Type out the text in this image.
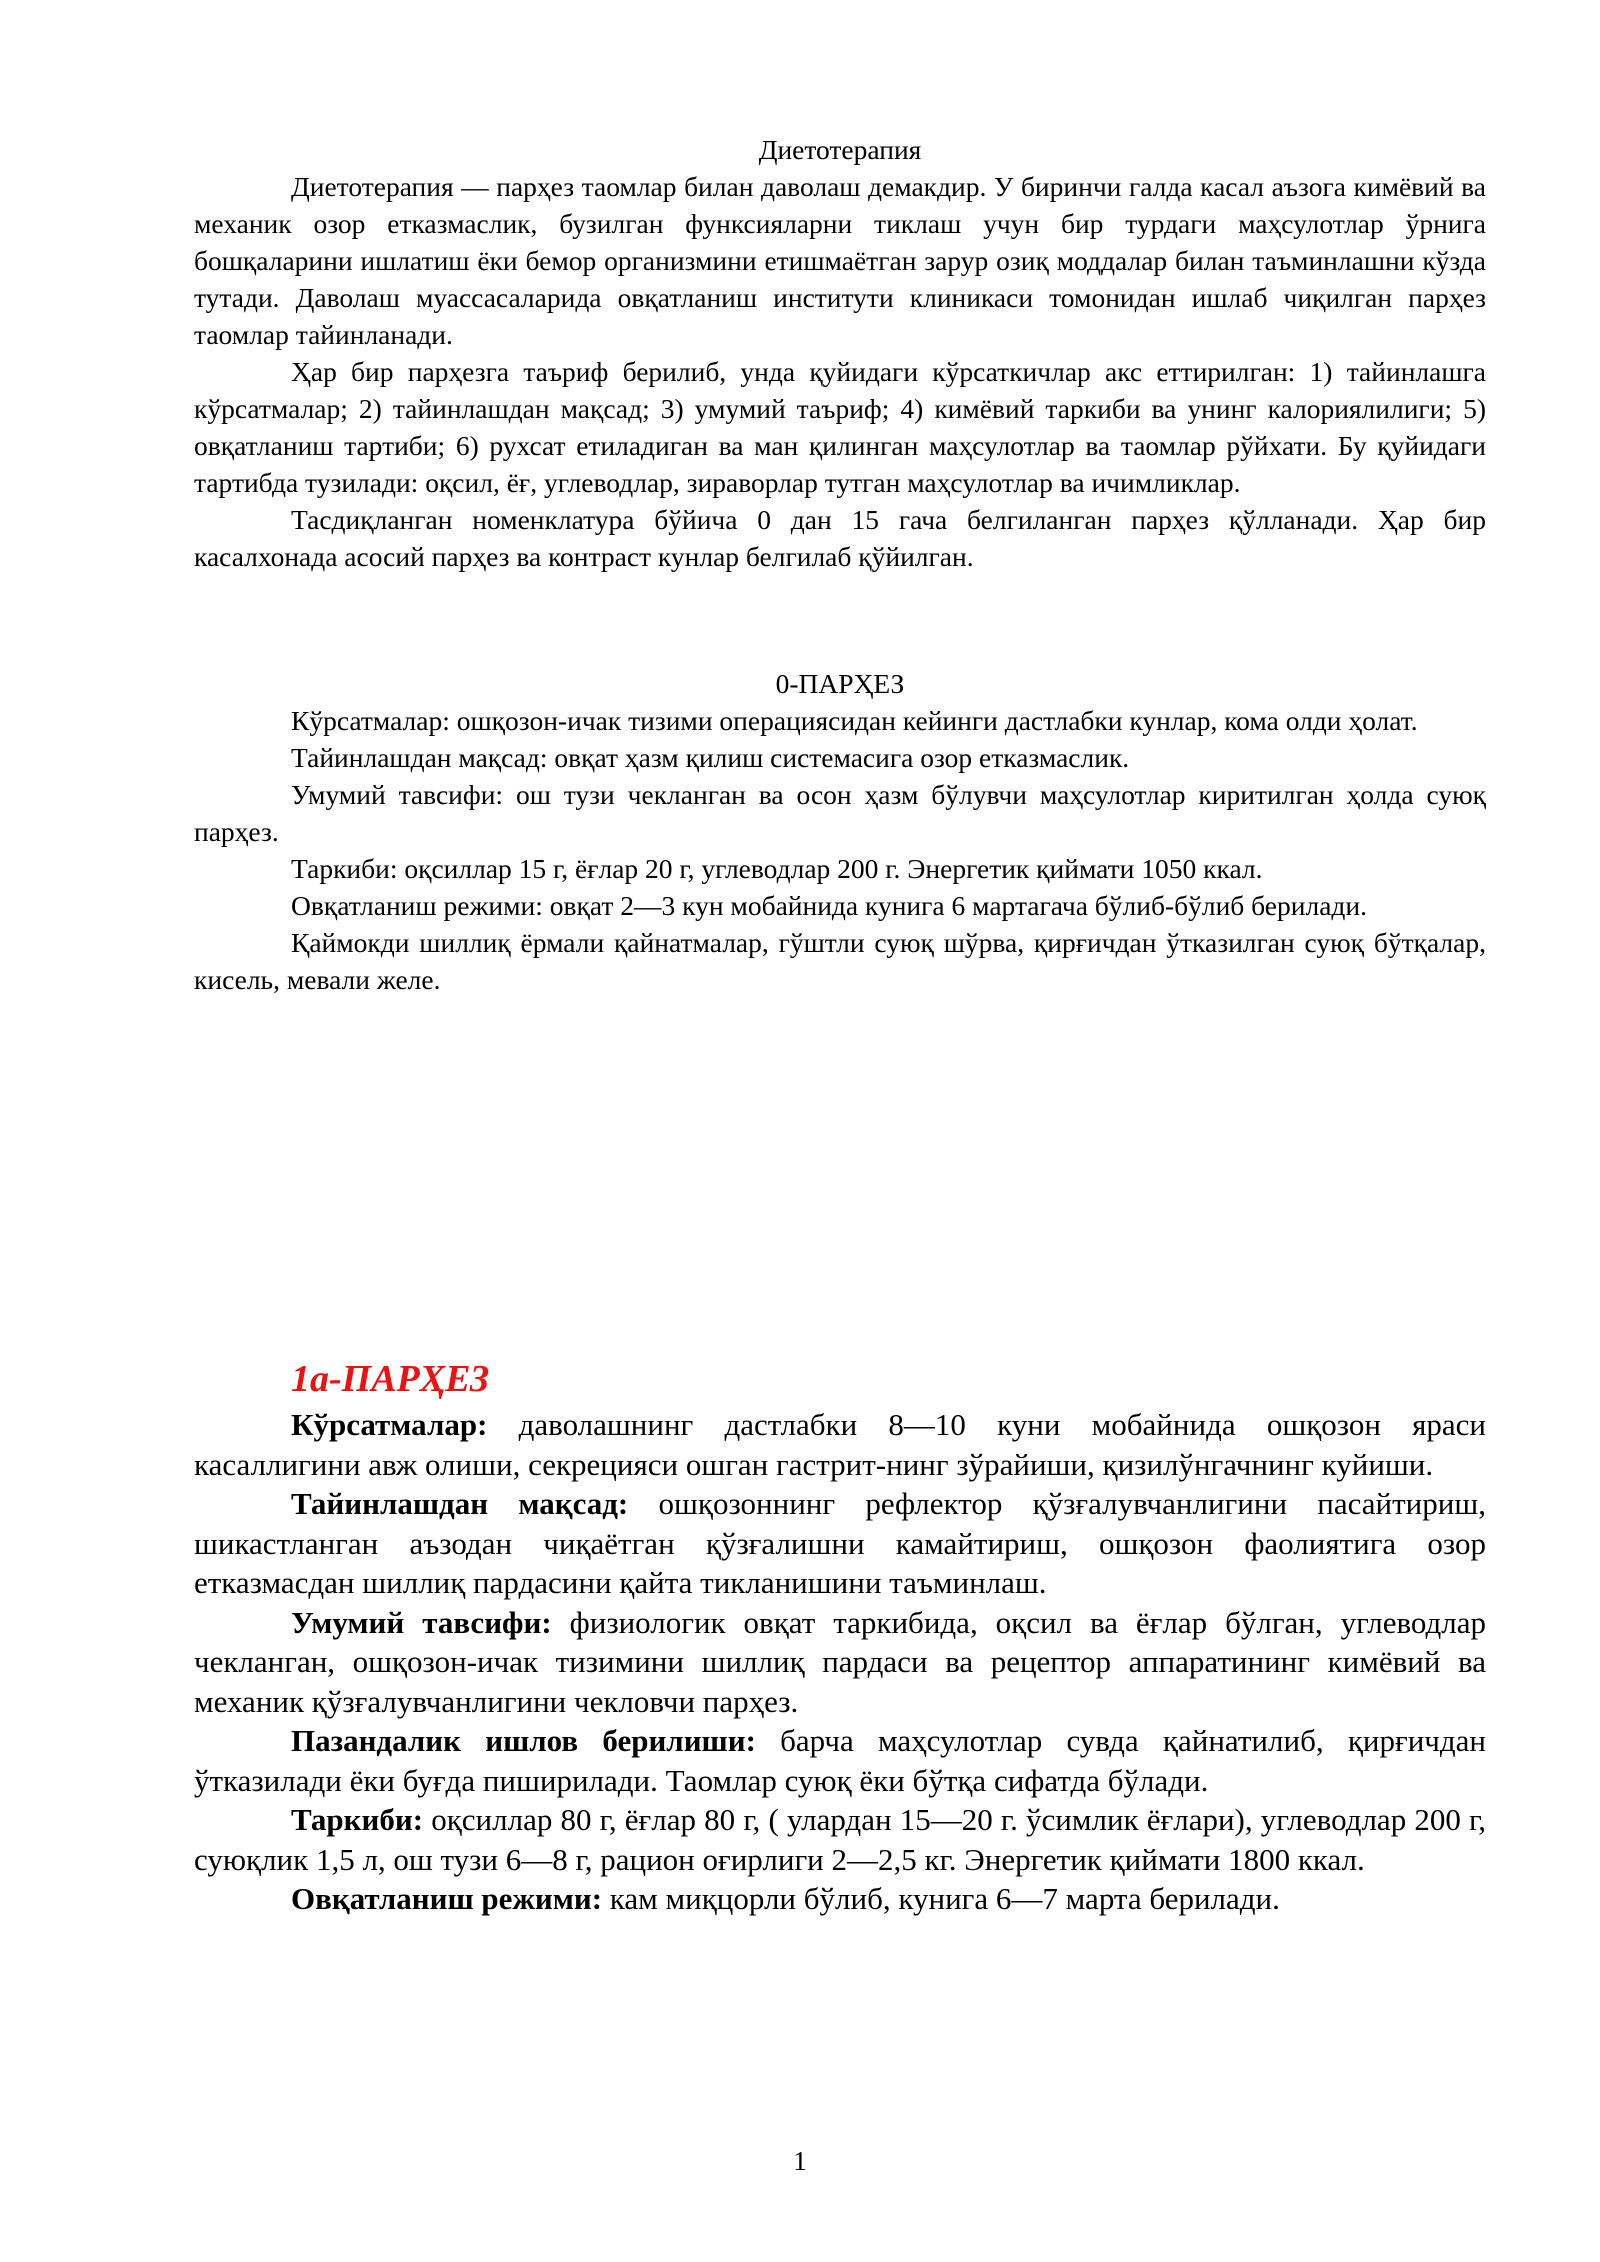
Диетотерапия

Диетотерапия — парҳез таомлар билан даволаш демакдир. У биринчи галда касал аъзога кимёвий ва механик озор етказмаслик, бузилган функсияларни тиклаш учун бир турдаги маҳсулотлар ўрнига бошқаларини ишлатиш ёки бемор организмини етишмаётган зарур озиқ моддалар билан таъминлашни кўзда тутади. Даволаш муассасаларида овқатланиш институти клиникаси томонидан ишлаб чиқилган парҳез таомлар тайинланади.

Ҳар бир парҳезга таъриф берилиб, унда қуйидаги кўрсаткичлар акс еттирилган: 1) тайинлашга кўрсатмалар; 2) тайинлашдан мақсад; 3) умумий таъриф; 4) кимёвий таркиби ва унинг калориялилиги; 5) овқатланиш тартиби; 6) рухсат етиладиган ва ман қилинган маҳсулотлар ва таомлар рўйхати. Бу қуйидаги тартибда тузилади: оқсил, ёғ, углеводлар, зираворлар тутган маҳсулотлар ва ичимликлар.

Тасдиқланган номенклатура бўйича 0 дан 15 гача белгиланган парҳез қўлланади. Ҳар бир касалхонада асосий парҳез ва контраст кунлар белгилаб қўйилган.

0-ПАРҲЕЗ

Кўрсатмалар: ошқозон-ичак тизими операциясидан кейинги дастлабки кунлар, кома олди ҳолат.

Тайинлашдан мақсад: овқат ҳазм қилиш системасига озор етказмаслик.

Умумий тавсифи: ош тузи чекланган ва осон ҳазм бўлувчи маҳсулотлар киритилган ҳолда суюқ парҳез.

Таркиби: оқсиллар 15 г, ёғлар 20 г, углеводлар 200 г. Энергетик қиймати 1050 ккал.

Овқатланиш режими: овқат 2—3 кун мобайнида кунига 6 мартагача бўлиб-бўлиб берилади.

Қаймокди шиллиқ ёрмали қайнатмалар, гўштли суюқ шўрва, қирғичдан ўтказилган суюқ бўтқалар, кисель, мевали желе.

1а-ПАРҲЕЗ

Кўрсатмалар: даволашнинг дастлабки 8—10 куни мобайнида ошқозон яраси касаллигини авж олиши, секрецияси ошган гастрит-нинг зўрайиши, қизилўнгачнинг куйиши.

Тайинлашдан мақсад: ошқозоннинг рефлектор қўзғалувчанлигини пасайтириш, шикастланган аъзодан чиқаётган қўзғалишни камайтириш, ошқозон фаолиятига озор етказмасдан шиллиқ пардасини қайта тикланишини таъминлаш.

Умумий тавсифи: физиологик овқат таркибида, оқсил ва ёғлар бўлган, углеводлар чекланган, ошқозон-ичак тизимини шиллиқ пардаси ва рецептор аппаратининг кимёвий ва механик қўзғалувчанлигини чекловчи парҳез.

Пазандалик ишлов берилиши: барча маҳсулотлар сувда қайнатилиб, қирғичдан ўтказилади ёки буғда пиширилади. Таомлар суюқ ёки бўтқа сифатда бўлади.

Таркиби: оқсиллар 80 г, ёғлар 80 г, ( улардан 15—20 г. ўсимлик ёғлари), углеводлар 200 г, суюқлик 1,5 л, ош тузи 6—8 г, рацион оғирлиги 2—2,5 кг. Энергетик қиймати 1800 ккал.

Овқатланиш режими: кам миқцорли бўлиб, кунига 6—7 марта берилади.

1
